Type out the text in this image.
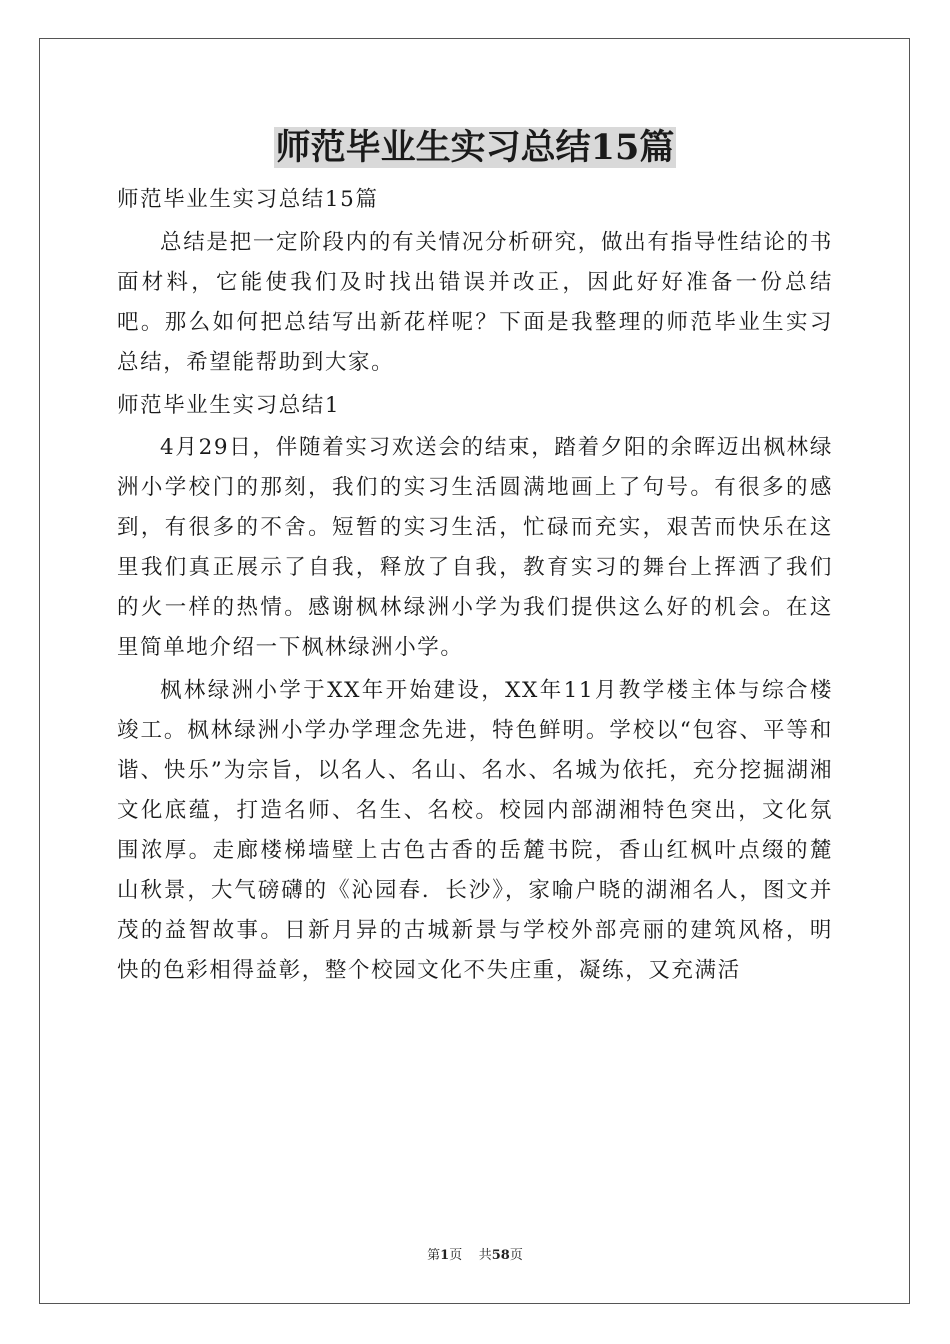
师范毕业生实习总结15篇

师范毕业生实习总结15篇

总结是把一定阶段内的有关情况分析研究，做出有指导性结论的书面材料，它能使我们及时找出错误并改正，因此好好准备一份总结吧。那么如何把总结写出新花样呢？下面是我整理的师范毕业生实习总结，希望能帮助到大家。

师范毕业生实习总结1

4月29日，伴随着实习欢送会的结束，踏着夕阳的余晖迈出枫林绿洲小学校门的那刻，我们的实习生活圆满地画上了句号。有很多的感到，有很多的不舍。短暂的实习生活，忙碌而充实，艰苦而快乐在这里我们真正展示了自我，释放了自我，教育实习的舞台上挥洒了我们的火一样的热情。感谢枫林绿洲小学为我们提供这么好的机会。在这里简单地介绍一下枫林绿洲小学。

枫林绿洲小学于XX年开始建设，XX年11月教学楼主体与综合楼竣工。枫林绿洲小学办学理念先进，特色鲜明。学校以“包容、平等和谐、快乐”为宗旨，以名人、名山、名水、名城为依托，充分挖掘湖湘文化底蕴，打造名师、名生、名校。校园内部湖湘特色突出，文化氛围浓厚。走廊楼梯墙壁上古色古香的岳麓书院，香山红枫叶点缀的麓山秋景，大气磅礴的《沁园春．长沙》，家喻户晓的湖湘名人，图文并茂的益智故事。日新月异的古城新景与学校外部亮丽的建筑风格，明快的色彩相得益彰，整个校园文化不失庄重，凝练，又充满活

第1页 共58页
